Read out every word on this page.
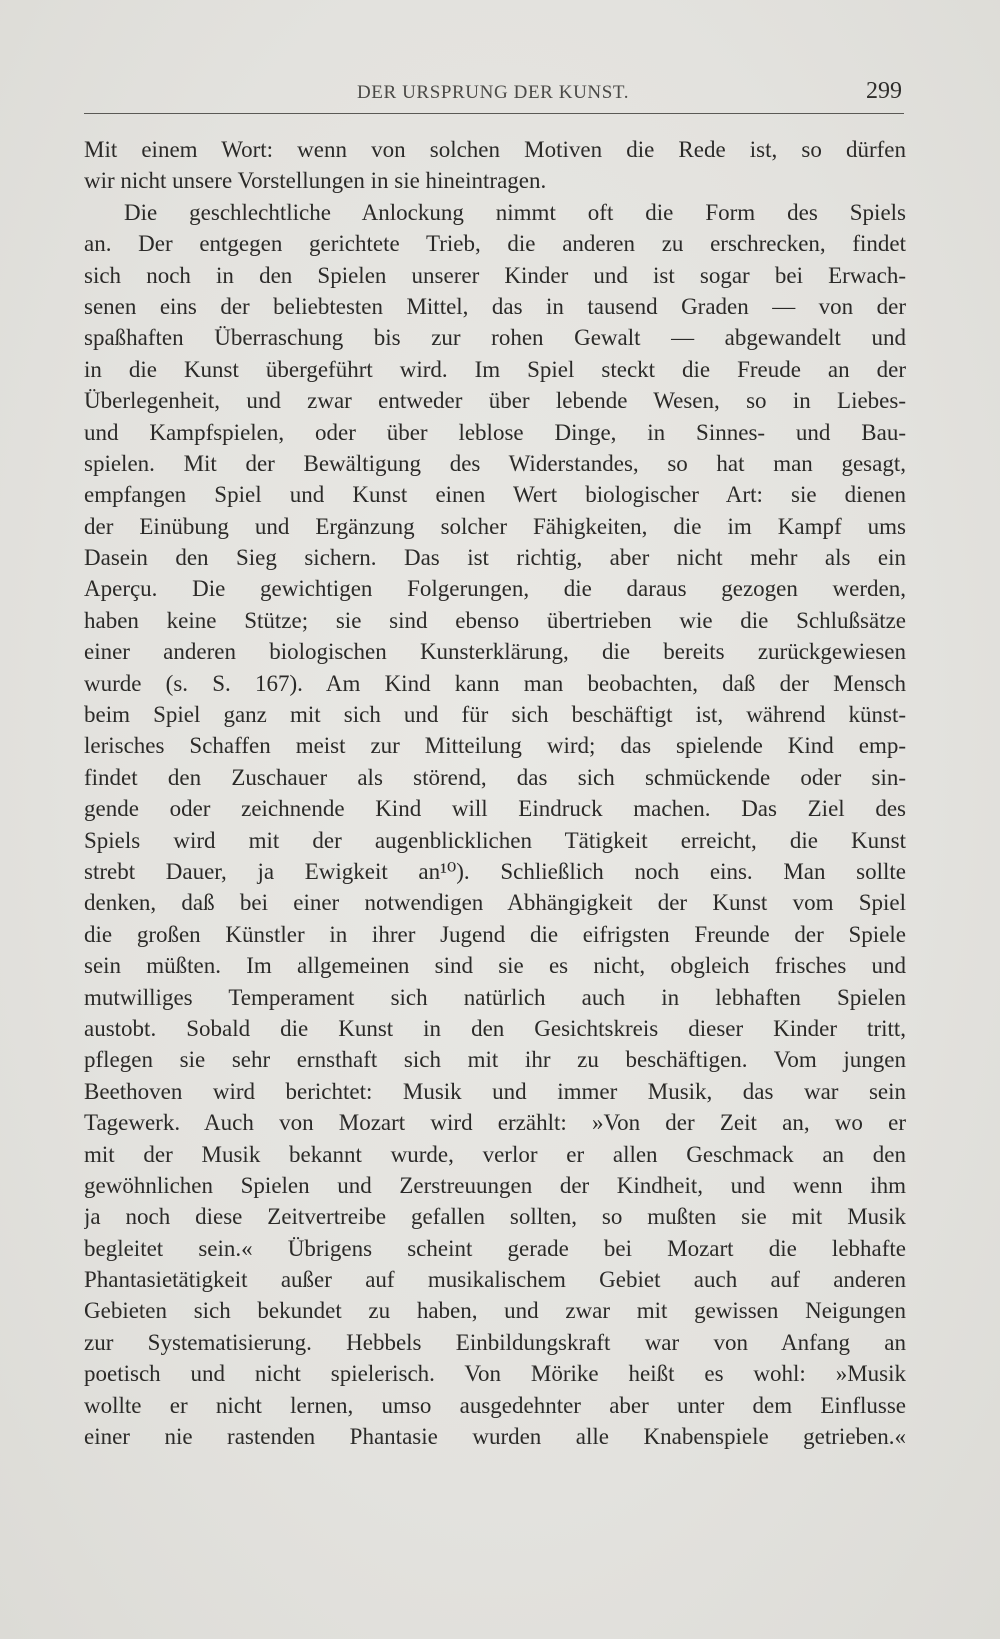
DER URSPRUNG DER KUNST.	299
Mit einem Wort: wenn von solchen Motiven die Rede ist, so dürfen
wir nicht unsere Vorstellungen in sie hineintragen.
Die geschlechtliche Anlockung nimmt oft die Form des Spiels
an. Der entgegen gerichtete Trieb, die anderen zu erschrecken, findet
sich noch in den Spielen unserer Kinder und ist sogar bei Erwach-
senen eins der beliebtesten Mittel, das in tausend Graden — von der
spaßhaften Überraschung bis zur rohen Gewalt — abgewandelt und
in die Kunst übergeführt wird. Im Spiel steckt die Freude an der
Überlegenheit, und zwar entweder über lebende Wesen, so in Liebes-
und Kampfspielen, oder über leblose Dinge, in Sinnes- und Bau-
spielen. Mit der Bewältigung des Widerstandes, so hat man gesagt,
empfangen Spiel und Kunst einen Wert biologischer Art: sie dienen
der Einübung und Ergänzung solcher Fähigkeiten, die im Kampf ums
Dasein den Sieg sichern. Das ist richtig, aber nicht mehr als ein
Aperçu. Die gewichtigen Folgerungen, die daraus gezogen werden,
haben keine Stütze; sie sind ebenso übertrieben wie die Schlußsätze
einer anderen biologischen Kunsterklärung, die bereits zurückgewiesen
wurde (s. S. 167). Am Kind kann man beobachten, daß der Mensch
beim Spiel ganz mit sich und für sich beschäftigt ist, während künst-
lerisches Schaffen meist zur Mitteilung wird; das spielende Kind emp-
findet den Zuschauer als störend, das sich schmückende oder sin-
gende oder zeichnende Kind will Eindruck machen. Das Ziel des
Spiels wird mit der augenblicklichen Tätigkeit erreicht, die Kunst
strebt Dauer, ja Ewigkeit an¹⁰). Schließlich noch eins. Man sollte
denken, daß bei einer notwendigen Abhängigkeit der Kunst vom Spiel
die großen Künstler in ihrer Jugend die eifrigsten Freunde der Spiele
sein müßten. Im allgemeinen sind sie es nicht, obgleich frisches und
mutwilliges Temperament sich natürlich auch in lebhaften Spielen
austobt. Sobald die Kunst in den Gesichtskreis dieser Kinder tritt,
pflegen sie sehr ernsthaft sich mit ihr zu beschäftigen. Vom jungen
Beethoven wird berichtet: Musik und immer Musik, das war sein
Tagewerk. Auch von Mozart wird erzählt: »Von der Zeit an, wo er
mit der Musik bekannt wurde, verlor er allen Geschmack an den
gewöhnlichen Spielen und Zerstreuungen der Kindheit, und wenn ihm
ja noch diese Zeitvertreibe gefallen sollten, so mußten sie mit Musik
begleitet sein.« Übrigens scheint gerade bei Mozart die lebhafte
Phantasietätigkeit außer auf musikalischem Gebiet auch auf anderen
Gebieten sich bekundet zu haben, und zwar mit gewissen Neigungen
zur Systematisierung. Hebbels Einbildungskraft war von Anfang an
poetisch und nicht spielerisch. Von Mörike heißt es wohl: »Musik
wollte er nicht lernen, umso ausgedehnter aber unter dem Einflusse
einer nie rastenden Phantasie wurden alle Knabenspiele getrieben.«
